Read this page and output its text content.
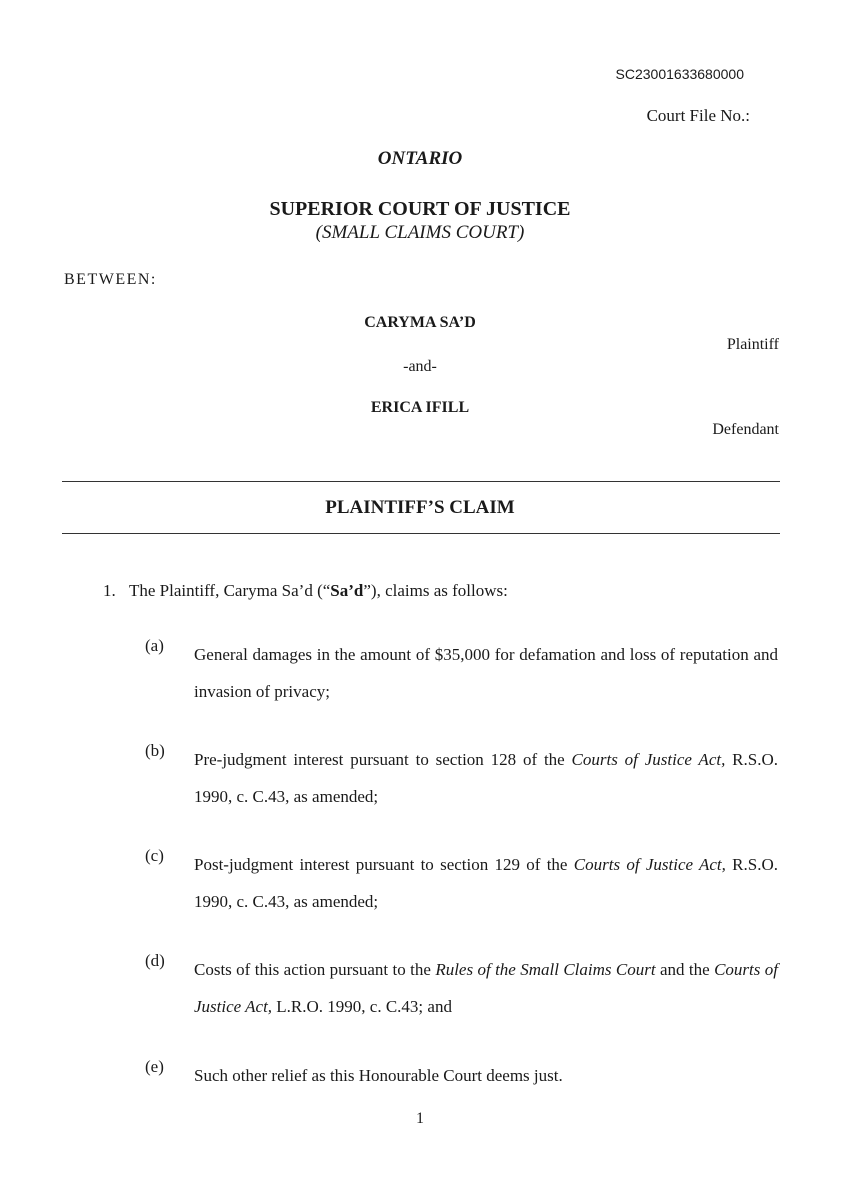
SC23001633680000
Court File No.:
ONTARIO
SUPERIOR COURT OF JUSTICE
(SMALL CLAIMS COURT)
BETWEEN:
CARYMA SA’D
Plaintiff
-and-
ERICA IFILL
Defendant
PLAINTIFF’S CLAIM
1. The Plaintiff, Caryma Sa’d (“Sa’d”), claims as follows:
(a) General damages in the amount of $35,000 for defamation and loss of reputation and invasion of privacy;
(b) Pre-judgment interest pursuant to section 128 of the Courts of Justice Act, R.S.O. 1990, c. C.43, as amended;
(c) Post-judgment interest pursuant to section 129 of the Courts of Justice Act, R.S.O. 1990, c. C.43, as amended;
(d) Costs of this action pursuant to the Rules of the Small Claims Court and the Courts of Justice Act, L.R.O. 1990, c. C.43; and
(e) Such other relief as this Honourable Court deems just.
1
